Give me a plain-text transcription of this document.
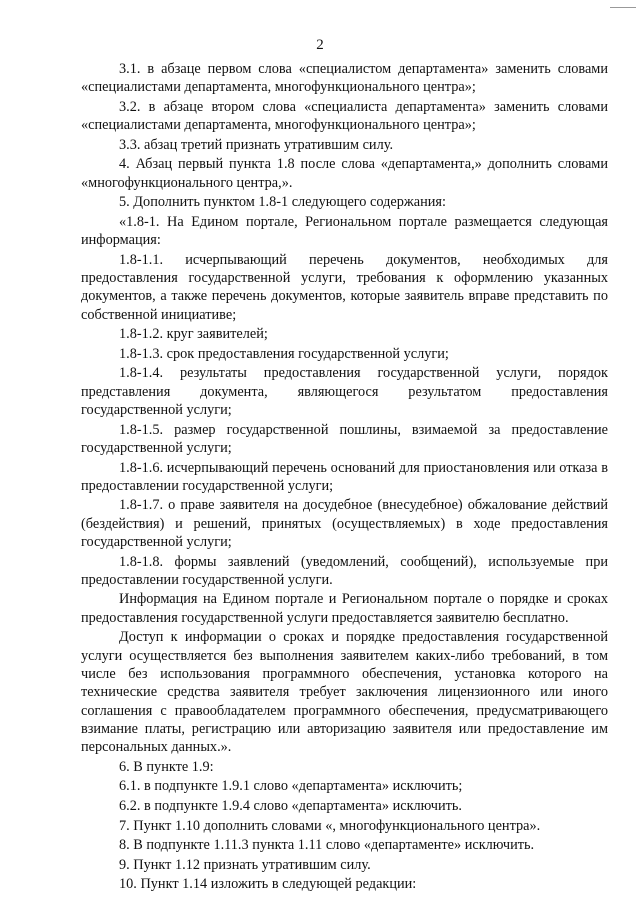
2

3.1. в абзаце первом слова «специалистом департамента» заменить словами «специалистами департамента, многофункционального центра»;

3.2. в абзаце втором слова «специалиста департамента» заменить словами «специалистами департамента, многофункционального центра»;

3.3. абзац третий признать утратившим силу.

4. Абзац первый пункта 1.8 после слова «департамента,» дополнить словами «многофункционального центра,».

5. Дополнить пунктом 1.8-1 следующего содержания:

«1.8-1. На Едином портале, Региональном портале размещается следующая информация:

1.8-1.1. исчерпывающий перечень документов, необходимых для предоставления государственной услуги, требования к оформлению указанных документов, а также перечень документов, которые заявитель вправе представить по собственной инициативе;

1.8-1.2. круг заявителей;

1.8-1.3. срок предоставления государственной услуги;

1.8-1.4. результаты предоставления государственной услуги, порядок представления документа, являющегося результатом предоставления государственной услуги;

1.8-1.5. размер государственной пошлины, взимаемой за предоставление государственной услуги;

1.8-1.6. исчерпывающий перечень оснований для приостановления или отказа в предоставлении государственной услуги;

1.8-1.7. о праве заявителя на досудебное (внесудебное) обжалование действий (бездействия) и решений, принятых (осуществляемых) в ходе предоставления государственной услуги;

1.8-1.8. формы заявлений (уведомлений, сообщений), используемые при предоставлении государственной услуги.

Информация на Едином портале и Региональном портале о порядке и сроках предоставления государственной услуги предоставляется заявителю бесплатно.

Доступ к информации о сроках и порядке предоставления государственной услуги осуществляется без выполнения заявителем каких-либо требований, в том числе без использования программного обеспечения, установка которого на технические средства заявителя требует заключения лицензионного или иного соглашения с правообладателем программного обеспечения, предусматривающего взимание платы, регистрацию или авторизацию заявителя или предоставление им персональных данных.».

6. В пункте 1.9:

6.1. в подпункте 1.9.1 слово «департамента» исключить;

6.2. в подпункте 1.9.4 слово «департамента» исключить.

7. Пункт 1.10 дополнить словами «, многофункционального центра».

8. В подпункте 1.11.3 пункта 1.11 слово «департаменте» исключить.

9. Пункт 1.12 признать утратившим силу.

10. Пункт 1.14 изложить в следующей редакции:
